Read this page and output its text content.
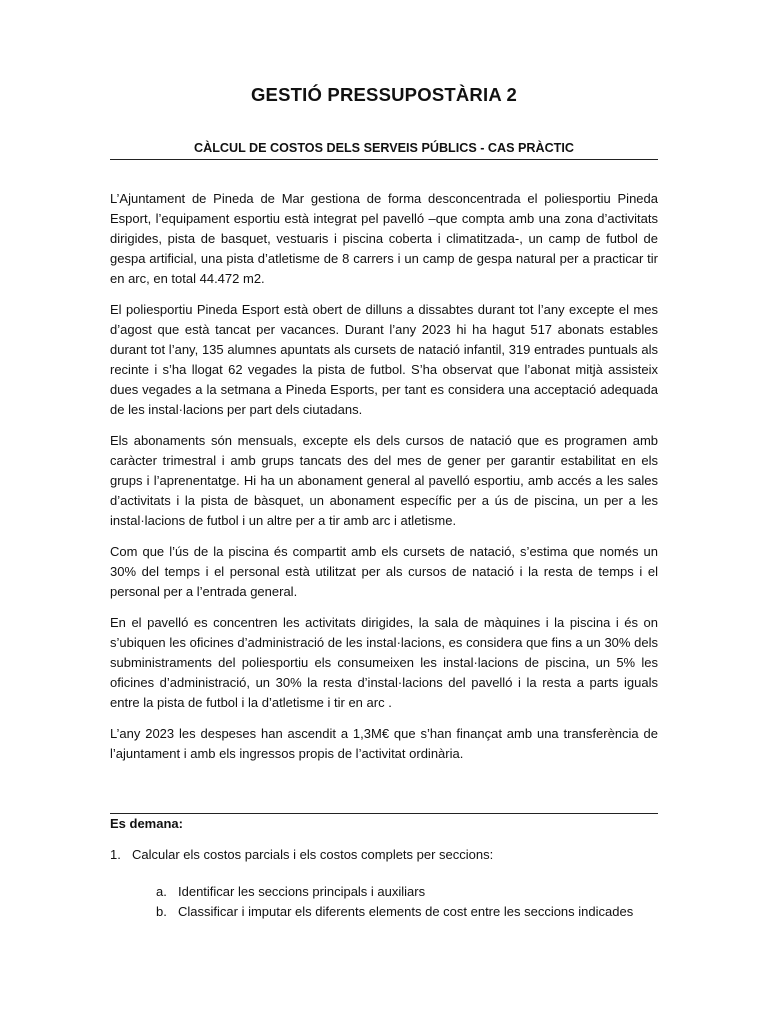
GESTIÓ PRESSUPOSTÀRIA 2
CÀLCUL DE COSTOS DELS SERVEIS PÚBLICS - CAS PRÀCTIC

L’Ajuntament de Pineda de Mar gestiona de forma desconcentrada el poliesportiu Pineda Esport, l’equipament esportiu està integrat pel pavelló –que compta amb una zona d’activitats dirigides, pista de basquet, vestuaris i piscina coberta i climatitzada-, un camp de futbol de gespa artificial, una pista d’atletisme de 8 carrers i un camp de gespa natural per a practicar tir en arc, en total 44.472 m2.

El poliesportiu Pineda Esport està obert de dilluns a dissabtes durant tot l’any excepte el mes d’agost que està tancat per vacances. Durant l’any 2023 hi ha hagut 517 abonats estables durant tot l’any, 135 alumnes apuntats als cursets de natació infantil, 319 entrades puntuals als recinte i s’ha llogat 62 vegades la pista de futbol. S’ha observat que l’abonat mitjà assisteix dues vegades a la setmana a Pineda Esports, per tant es considera una acceptació adequada de les instal·lacions per part dels ciutadans.

Els abonaments són mensuals, excepte els dels cursos de natació que es programen amb caràcter trimestral i amb grups tancats des del mes de gener per garantir estabilitat en els grups i l’aprenentatge. Hi ha un abonament general al pavelló esportiu, amb accés a les sales d’activitats i la pista de bàsquet, un abonament específic per a ús de piscina, un per a les instal·lacions de futbol i un altre per a tir amb arc i atletisme.

Com que l’ús de la piscina és compartit amb els cursets de natació, s’estima que només un 30% del temps i el personal està utilitzat per als cursos de natació i la resta de temps i el personal per a l’entrada general.

En el pavelló es concentren les activitats dirigides, la sala de màquines i la piscina i és on s’ubiquen les oficines d’administració de les instal·lacions, es considera que fins a un 30% dels subministraments del poliesportiu els consumeixen les instal·lacions de piscina, un 5% les oficines d’administració, un 30% la resta d’instal·lacions del pavelló i la resta a parts iguals entre la pista de futbol i la d’atletisme i tir en arc .

L’any 2023 les despeses han ascendit a 1,3M€ que s’han finançat amb una transferència de l’ajuntament i amb els ingressos propis de l’activitat ordinària.

Es demana:

1. Calcular els costos parcials i els costos complets per seccions:

a. Identificar les seccions principals i auxiliars

b. Classificar i imputar els diferents elements de cost entre les seccions indicades
